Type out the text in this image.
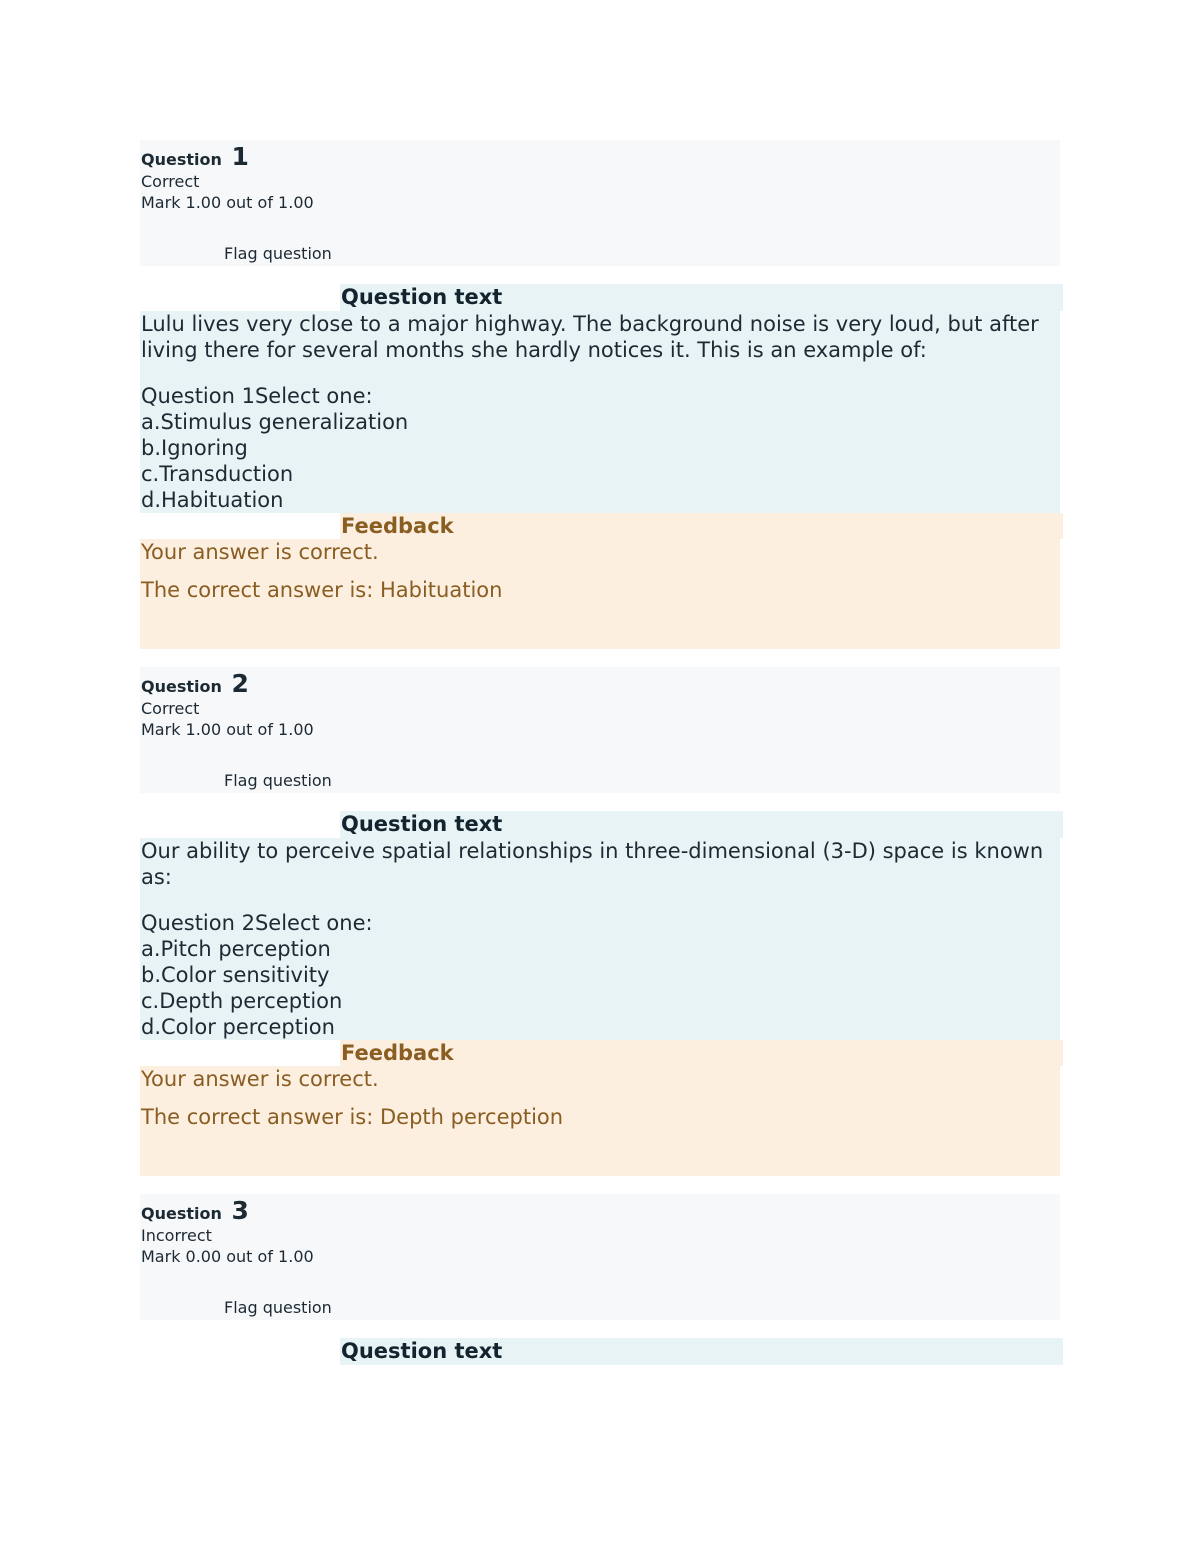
Question 1
Correct
Mark 1.00 out of 1.00
Flag question
Question text
Lulu lives very close to a major highway. The background noise is very loud, but after living there for several months she hardly notices it. This is an example of:
Question 1Select one:
a.Stimulus generalization
b.Ignoring
c.Transduction
d.Habituation
Feedback
Your answer is correct.
The correct answer is: Habituation
Question 2
Correct
Mark 1.00 out of 1.00
Flag question
Question text
Our ability to perceive spatial relationships in three-dimensional (3-D) space is known as:
Question 2Select one:
a.Pitch perception
b.Color sensitivity
c.Depth perception
d.Color perception
Feedback
Your answer is correct.
The correct answer is: Depth perception
Question 3
Incorrect
Mark 0.00 out of 1.00
Flag question
Question text
